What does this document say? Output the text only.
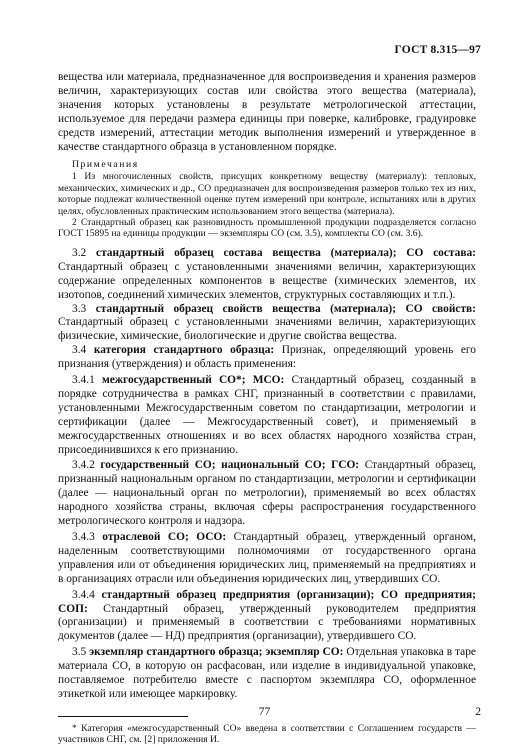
ГОСТ 8.315—97

вещества или материала, предназначенное для воспроизведения и хранения размеров величин, характеризующих состав или свойства этого вещества (материала), значения которых установлены в результате метрологической аттестации, используемое для передачи размера единицы при поверке, калибровке, градуировке средств измерений, аттестации методик выполнения измерений и утвержденное в качестве стандартного образца в установленном порядке.

Примечания

1 Из многочисленных свойств, присущих конкретному веществу (материалу): тепловых, механических, химических и др., СО предназначен для воспроизведения размеров только тех из них, которые подлежат количественной оценке путем измерений при контроле, испытаниях или в других целях, обусловленных практическим использованием этого вещества (материала).

2 Стандартный образец как разновидность промышленной продукции подразделяется согласно ГОСТ 15895 на единицы продукции — экземпляры СО (см. 3.5), комплекты СО (см. 3.6).

3.2 стандартный образец состава вещества (материала); СО состава: Стандартный образец с установленными значениями величин, характеризующих содержание определенных компонентов в веществе (химических элементов, их изотопов, соединений химических элементов, структурных составляющих и т.п.).

3.3 стандартный образец свойств вещества (материала); СО свойств: Стандартный образец с установленными значениями величин, характеризующих физические, химические, биологические и другие свойства вещества.

3.4 категория стандартного образца: Признак, определяющий уровень его признания (утверждения) и область применения:

3.4.1 межгосударственный СО*; МСО: Стандартный образец, созданный в порядке сотрудничества в рамках СНГ, признанный в соответствии с правилами, установленными Межгосударственным советом по стандартизации, метрологии и сертификации (далее — Межгосударственный совет), и применяемый в межгосударственных отношениях и во всех областях народного хозяйства стран, присоединившихся к его признанию.

3.4.2 государственный СО; национальный СО; ГСО: Стандартный образец, признанный национальным органом по стандартизации, метрологии и сертификации (далее — национальный орган по метрологии), применяемый во всех областях народного хозяйства страны, включая сферы распространения государственного метрологического контроля и надзора.

3.4.3 отраслевой СО; ОСО: Стандартный образец, утвержденный органом, наделенным соответствующими полномочиями от государственного органа управления или от объединения юридических лиц, применяемый на предприятиях и в организациях отрасли или объединения юридических лиц, утвердивших СО.

3.4.4 стандартный образец предприятия (организации); СО предприятия; СОП: Стандартный образец, утвержденный руководителем предприятия (организации) и применяемый в соответствии с требованиями нормативных документов (далее — НД) предприятия (организации), утвердившего СО.

3.5 экземпляр стандартного образца; экземпляр СО: Отдельная упаковка в таре материала СО, в которую он расфасован, или изделие в индивидуальной упаковке, поставляемое потребителю вместе с паспортом экземпляра СО, оформленное этикеткой или имеющее маркировку.

* Категория «межгосударственный СО» введена в соответствии с Соглашением государств — участников СНГ, см. [2] приложения И.

77	2
